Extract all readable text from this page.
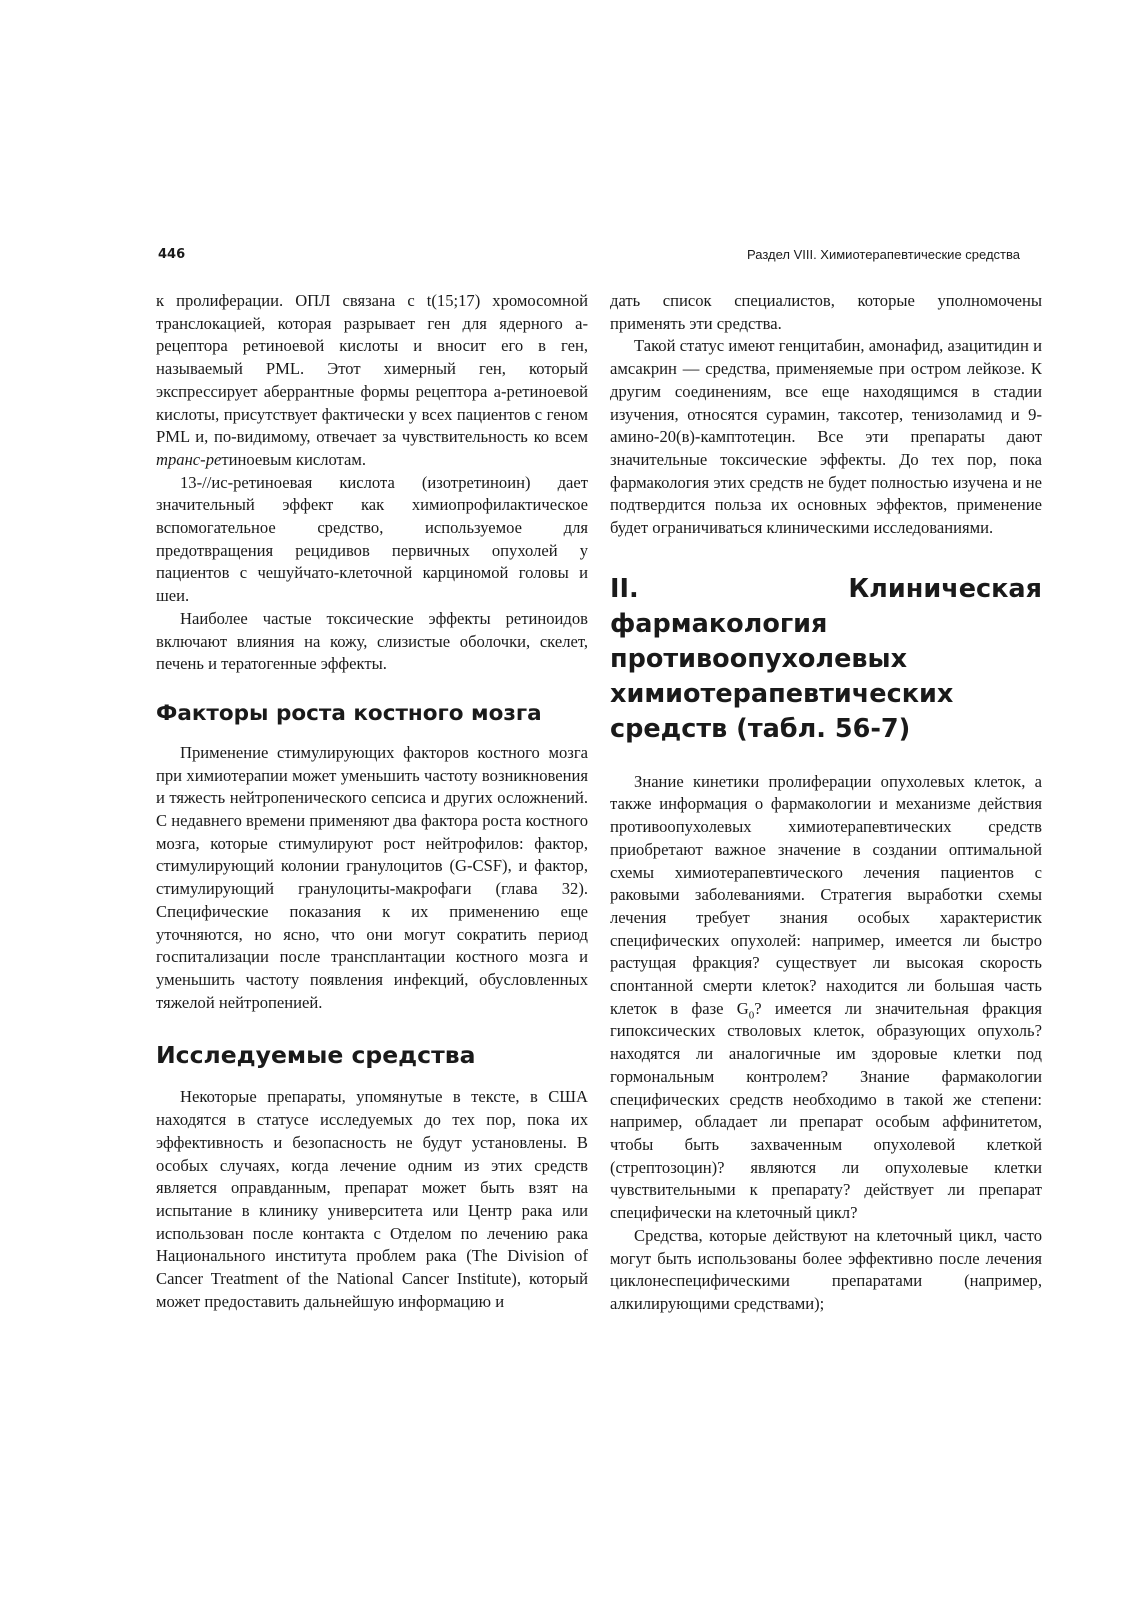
446	Раздел VIII. Химиотерапевтические средства

к пролиферации. ОПЛ связана с t(15;17) хромосомной транслокацией, которая разрывает ген для ядерного a-рецептора ретиноевой кислоты и вносит его в ген, называемый PML. Этот химерный ген, который экспрессирует аберрантные формы рецептора a-ретиноевой кислоты, присутствует фактически у всех пациентов с геном PML и, по-видимому, отвечает за чувствительность ко всем транс-ретиноевым кислотам.

13-//ис-ретиноевая кислота (изотретиноин) дает значительный эффект как химиопрофилактическое вспомогательное средство, используемое для предотвращения рецидивов первичных опухолей у пациентов с чешуйчато-клеточной карциномой головы и шеи.

Наиболее частые токсические эффекты ретиноидов включают влияния на кожу, слизистые оболочки, скелет, печень и тератогенные эффекты.

Факторы роста костного мозга

Применение стимулирующих факторов костного мозга при химиотерапии может уменьшить частоту возникновения и тяжесть нейтропенического сепсиса и других осложнений. С недавнего времени применяют два фактора роста костного мозга, которые стимулируют рост нейтрофилов: фактор, стимулирующий колонии гранулоцитов (G-CSF), и фактор, стимулирующий гранулоциты-макрофаги (глава 32). Специфические показания к их применению еще уточняются, но ясно, что они могут сократить период госпитализации после трансплантации костного мозга и уменьшить частоту появления инфекций, обусловленных тяжелой нейтропенией.

Исследуемые средства

Некоторые препараты, упомянутые в тексте, в США находятся в статусе исследуемых до тех пор, пока их эффективность и безопасность не будут установлены. В особых случаях, когда лечение одним из этих средств является оправданным, препарат может быть взят на испытание в клинику университета или Центр рака или использован после контакта с Отделом по лечению рака Национального института проблем рака (The Division of Cancer Treatment of the National Cancer Institute), который может предоставить дальнейшую информацию и

дать список специалистов, которые уполномочены применять эти средства.

Такой статус имеют генцитабин, амонафид, азацитидин и амсакрин — средства, применяемые при остром лейкозе. К другим соединениям, все еще находящимся в стадии изучения, относятся сурамин, таксотер, тенизоламид и 9-амино-20(в)-камптотецин. Все эти препараты дают значительные токсические эффекты. До тех пор, пока фармакология этих средств не будет полностью изучена и не подтвердится польза их основных эффектов, применение будет ограничиваться клиническими исследованиями.

II. Клиническая фармакология противоопухолевых химиотерапевтических средств (табл. 56-7)

Знание кинетики пролиферации опухолевых клеток, а также информация о фармакологии и механизме действия противоопухолевых химиотерапевтических средств приобретают важное значение в создании оптимальной схемы химиотерапевтического лечения пациентов с раковыми заболеваниями. Стратегия выработки схемы лечения требует знания особых характеристик специфических опухолей: например, имеется ли быстро растущая фракция? существует ли высокая скорость спонтанной смерти клеток? находится ли большая часть клеток в фазе $G_0$? имеется ли значительная фракция гипоксических стволовых клеток, образующих опухоль? находятся ли аналогичные им здоровые клетки под гормональным контролем? Знание фармакологии специфических средств необходимо в такой же степени: например, обладает ли препарат особым аффинитетом, чтобы быть захваченным опухолевой клеткой (стрептозоцин)? являются ли опухолевые клетки чувствительными к препарату? действует ли препарат специфически на клеточный цикл?

Средства, которые действуют на клеточный цикл, часто могут быть использованы более эффективно после лечения циклонеспецифическими препаратами (например, алкилирующими средствами);
